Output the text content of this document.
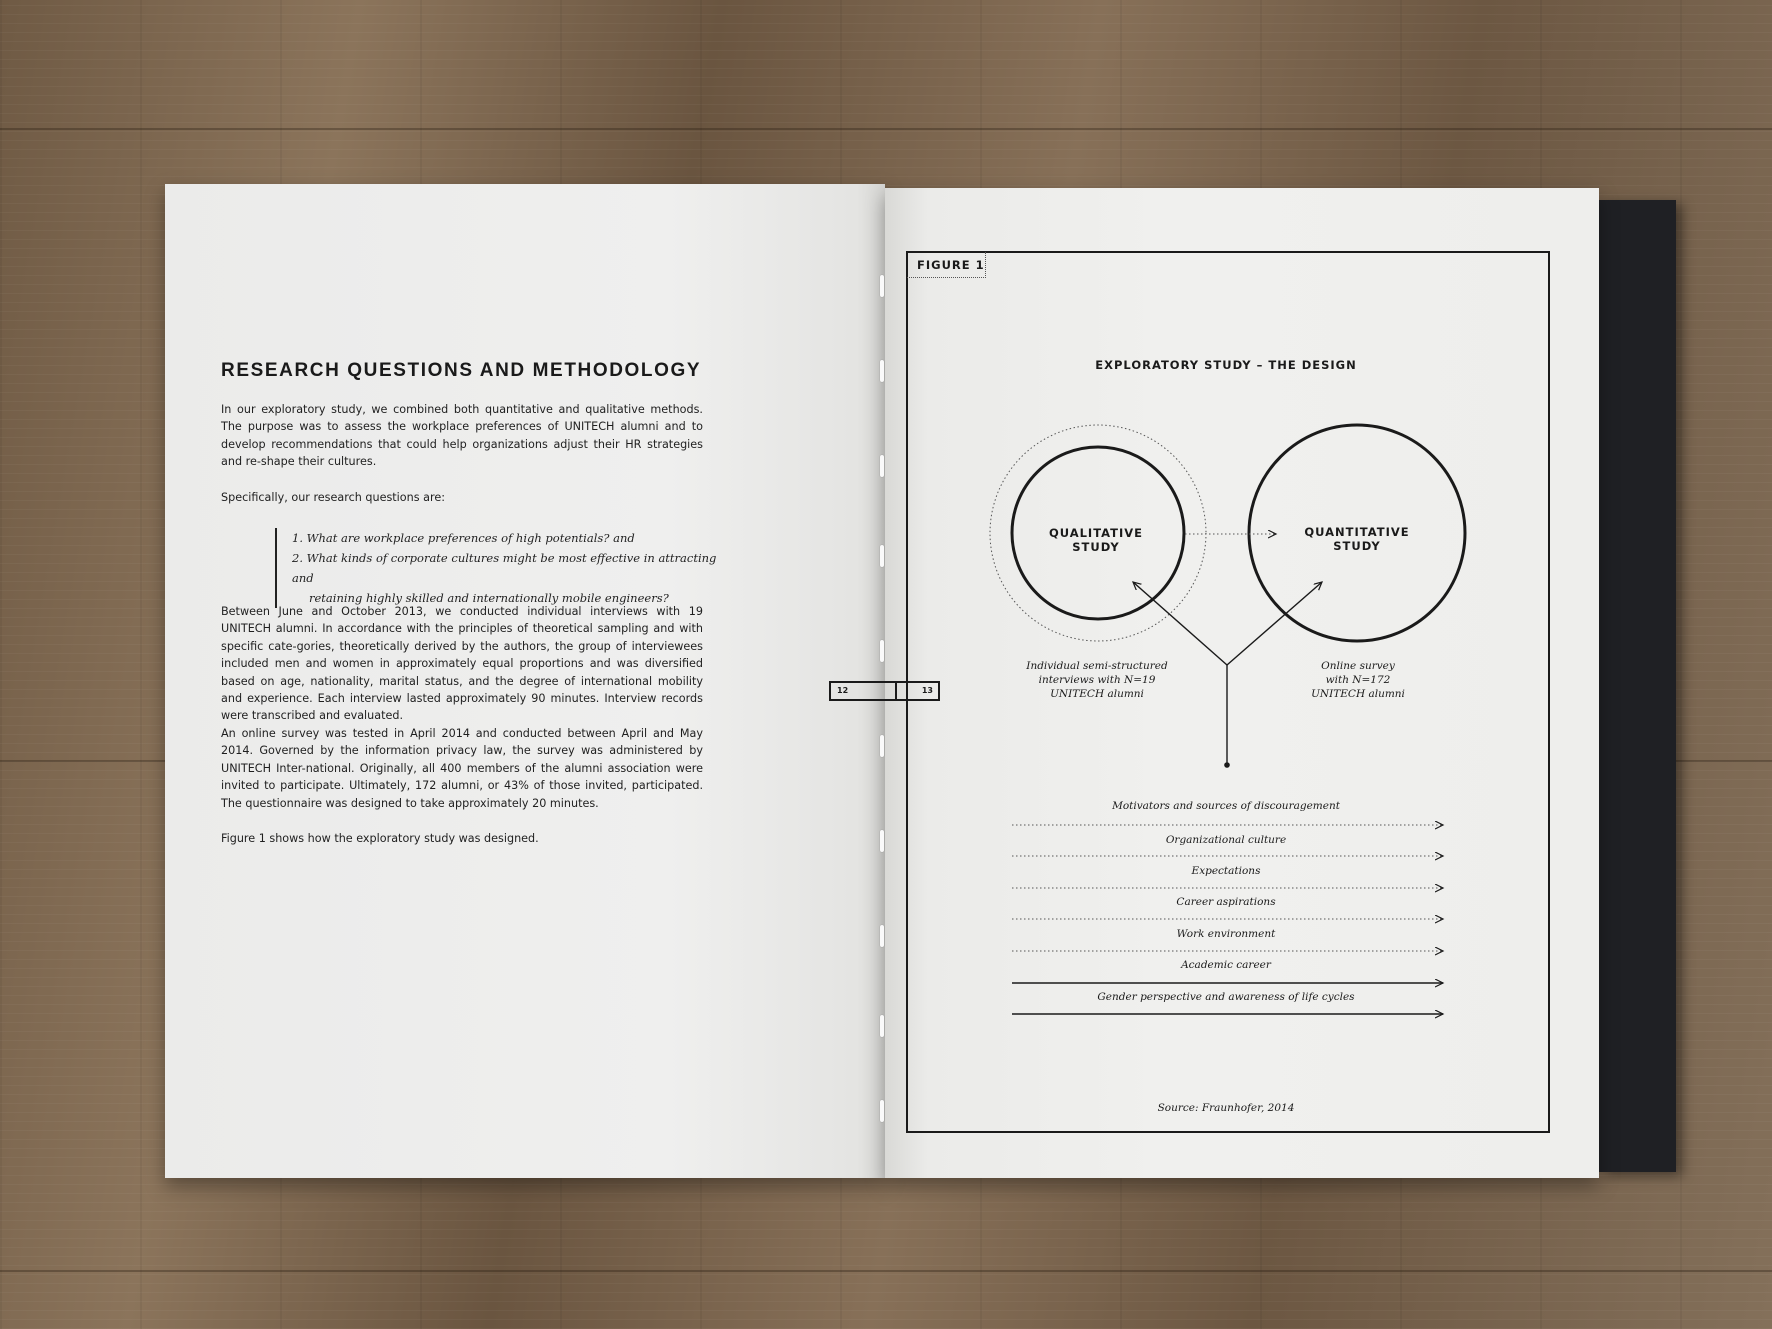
RESEARCH QUESTIONS AND METHODOLOGY

In our exploratory study, we combined both quantitative and qualitative methods. The purpose was to assess the workplace preferences of UNITECH alumni and to develop recommendations that could help organizations adjust their HR strategies and re-shape their cultures.

Specifically, our research questions are:

1. What are workplace preferences of high potentials? and

2. What kinds of corporate cultures might be most effective in attracting and

retaining highly skilled and internationally mobile engineers?

Between June and October 2013, we conducted individual interviews with 19 UNITECH alumni. In accordance with the principles of theoretical sampling and with specific cate-gories, theoretically derived by the authors, the group of interviewees included men and women in approximately equal proportions and was diversified based on age, nationality, marital status, and the degree of international mobility and experience. Each interview lasted approximately 90 minutes. Interview records were transcribed and evaluated.

An online survey was tested in April 2014 and conducted between April and May 2014. Governed by the information privacy law, the survey was administered by UNITECH Inter-national. Originally, all 400 members of the alumni association were invited to participate. Ultimately, 172 alumni, or 43% of those invited, participated. The questionnaire was designed to take approximately 20 minutes.

Figure 1 shows how the exploratory study was designed.

12	13
FIGURE 1
EXPLORATORY STUDY – THE DESIGN
QUALITATIVE
STUDY
QUANTITATIVE
STUDY
Individual semi-structured
interviews with N=19
UNITECH alumni
Online survey
with N=172
UNITECH alumni
Motivators and sources of discouragement
Organizational culture
Expectations
Career aspirations
Work environment
Academic career
Gender perspective and awareness of life cycles
Source: Fraunhofer, 2014
